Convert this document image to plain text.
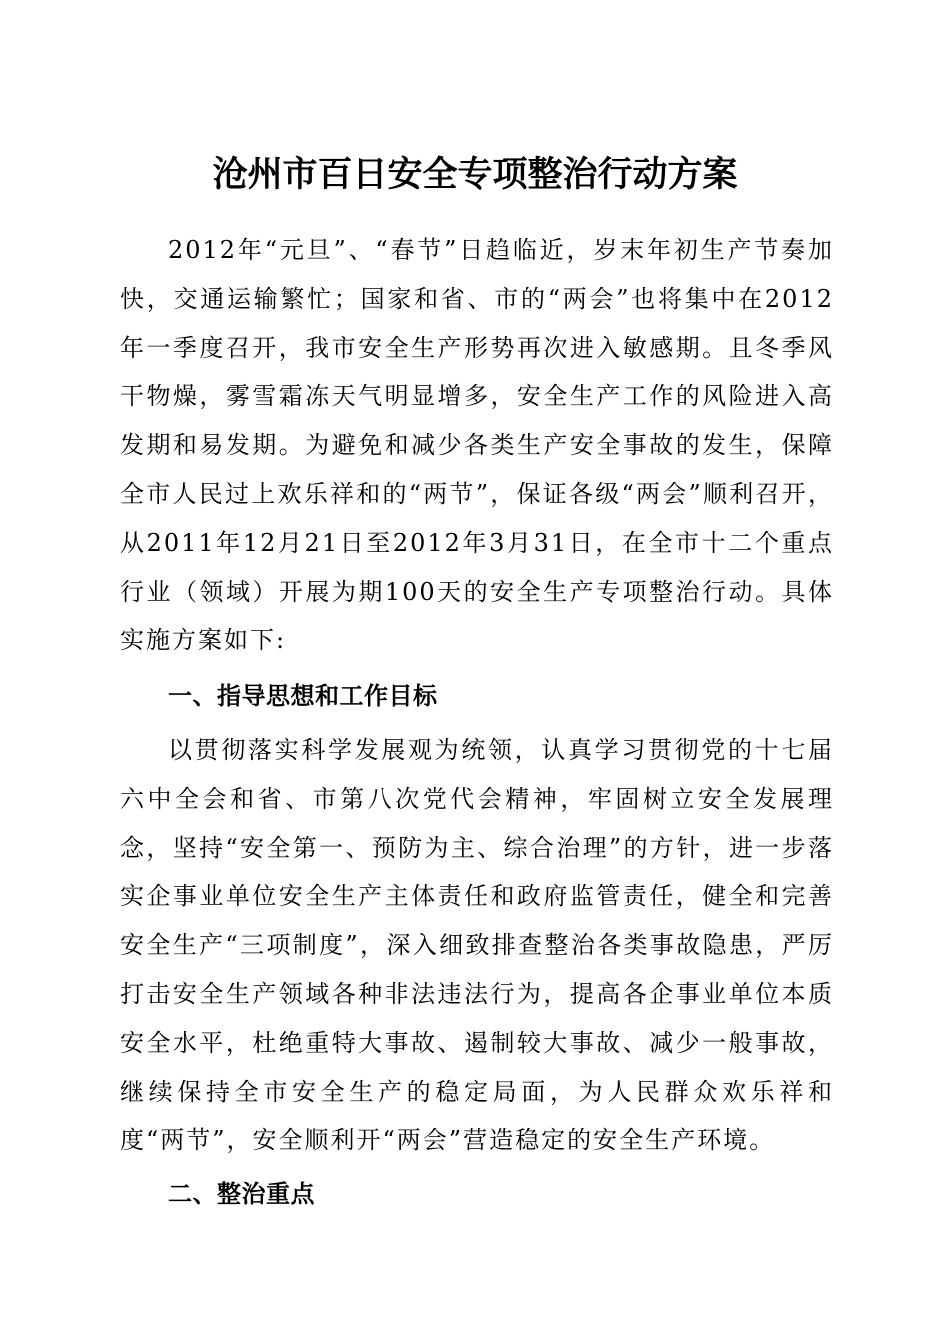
沧州市百日安全专项整治行动方案

2012年“元旦”、“春节”日趋临近，岁末年初生产节奏加快，交通运输繁忙；国家和省、市的“两会”也将集中在2012年一季度召开，我市安全生产形势再次进入敏感期。且冬季风干物燥，雾雪霜冻天气明显增多，安全生产工作的风险进入高发期和易发期。为避免和减少各类生产安全事故的发生，保障全市人民过上欢乐祥和的“两节”，保证各级“两会”顺利召开，从2011年12月21日至2012年3月31日，在全市十二个重点行业（领域）开展为期100天的安全生产专项整治行动。具体实施方案如下:

一、指导思想和工作目标

以贯彻落实科学发展观为统领，认真学习贯彻党的十七届六中全会和省、市第八次党代会精神，牢固树立安全发展理念，坚持“安全第一、预防为主、综合治理”的方针，进一步落实企事业单位安全生产主体责任和政府监管责任，健全和完善安全生产“三项制度”，深入细致排查整治各类事故隐患，严厉打击安全生产领域各种非法违法行为，提高各企事业单位本质安全水平，杜绝重特大事故、遏制较大事故、减少一般事故，继续保持全市安全生产的稳定局面，为人民群众欢乐祥和度“两节”，安全顺利开“两会”营造稳定的安全生产环境。

二、整治重点
